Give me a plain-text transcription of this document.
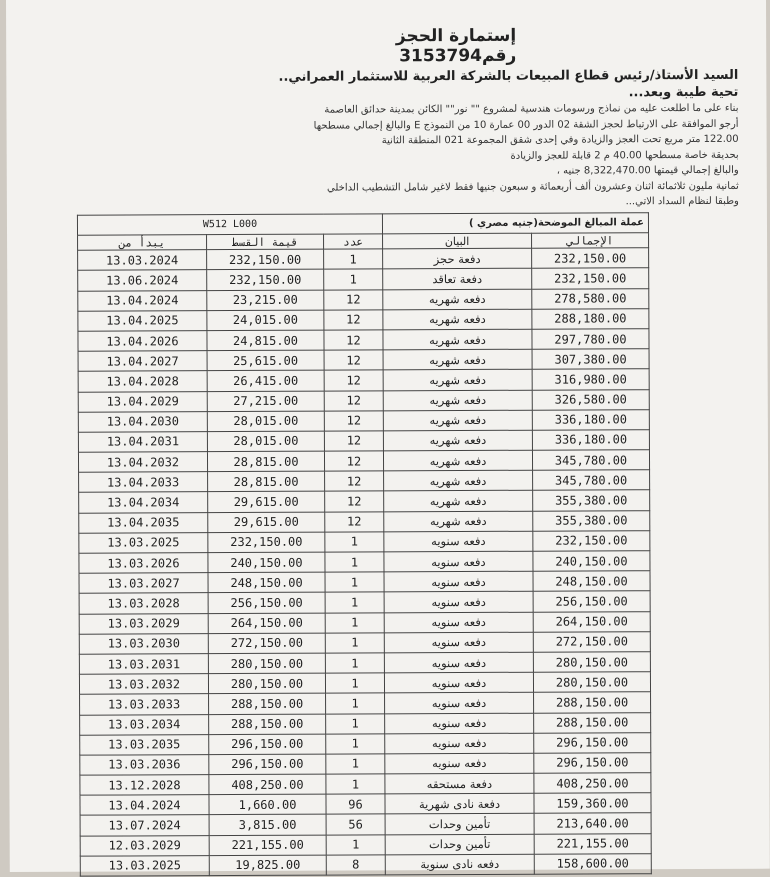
إستمارة الحجز رقم3153794
السيد الأستاذ/رئيس قطاع المبيعات بالشركة العربية للاستثمار العمراني..
تحية طيبة وبعد...
بناء على ما اطلعت عليه من نماذج ورسومات هندسية لمشروع "" نور"" الكائن بمدينة حدائق العاصمة
أرجو الموافقة على الارتباط لحجز الشقة 02 الدور 00 عمارة 10 من النموذج E والبالغ إجمالي مسطحها
122.00 متر مربع تحت العجز والزيادة وفي إحدى شقق المجموعة 021 المنطقة الثانية
بحديقة خاصة مسطحها 40.00 م 2 قابلة للعجز والزيادة
والبالغ إجمالي قيمتها 8,322,470.00 جنيه ،
ثمانية مليون ثلاثمائة اثنان وعشرون ألف أربعمائة و سبعون جنيها فقط لاغير شامل التشطيب الداخلي
وطبقا لنظام السداد الاتي...
W512 L000			عملة المبالغ الموضحة(جنيه مصري )	
يبدأ من	قيمة القسط	عدد	البيان	الإجمالي
13.03.2024	232,150.00	1	دفعة حجز	232,150.00
13.06.2024	232,150.00	1	دفعة تعاقد	232,150.00
13.04.2024	23,215.00	12	دفعه شهريه	278,580.00
13.04.2025	24,015.00	12	دفعه شهريه	288,180.00
13.04.2026	24,815.00	12	دفعه شهريه	297,780.00
13.04.2027	25,615.00	12	دفعه شهريه	307,380.00
13.04.2028	26,415.00	12	دفعه شهريه	316,980.00
13.04.2029	27,215.00	12	دفعه شهريه	326,580.00
13.04.2030	28,015.00	12	دفعه شهريه	336,180.00
13.04.2031	28,015.00	12	دفعه شهريه	336,180.00
13.04.2032	28,815.00	12	دفعه شهريه	345,780.00
13.04.2033	28,815.00	12	دفعه شهريه	345,780.00
13.04.2034	29,615.00	12	دفعه شهريه	355,380.00
13.04.2035	29,615.00	12	دفعه شهريه	355,380.00
13.03.2025	232,150.00	1	دفعه سنويه	232,150.00
13.03.2026	240,150.00	1	دفعه سنويه	240,150.00
13.03.2027	248,150.00	1	دفعه سنويه	248,150.00
13.03.2028	256,150.00	1	دفعه سنويه	256,150.00
13.03.2029	264,150.00	1	دفعه سنويه	264,150.00
13.03.2030	272,150.00	1	دفعه سنويه	272,150.00
13.03.2031	280,150.00	1	دفعه سنويه	280,150.00
13.03.2032	280,150.00	1	دفعه سنويه	280,150.00
13.03.2033	288,150.00	1	دفعه سنويه	288,150.00
13.03.2034	288,150.00	1	دفعه سنويه	288,150.00
13.03.2035	296,150.00	1	دفعه سنويه	296,150.00
13.03.2036	296,150.00	1	دفعه سنويه	296,150.00
13.12.2028	408,250.00	1	دفعة مستحقه	408,250.00
13.04.2024	1,660.00	96	دفعة نادى شهرية	159,360.00
13.07.2024	3,815.00	56	تأمين وحدات	213,640.00
12.03.2029	221,155.00	1	تأمين وحدات	221,155.00
13.03.2025	19,825.00	8	دفعه نادى سنوية	158,600.00
